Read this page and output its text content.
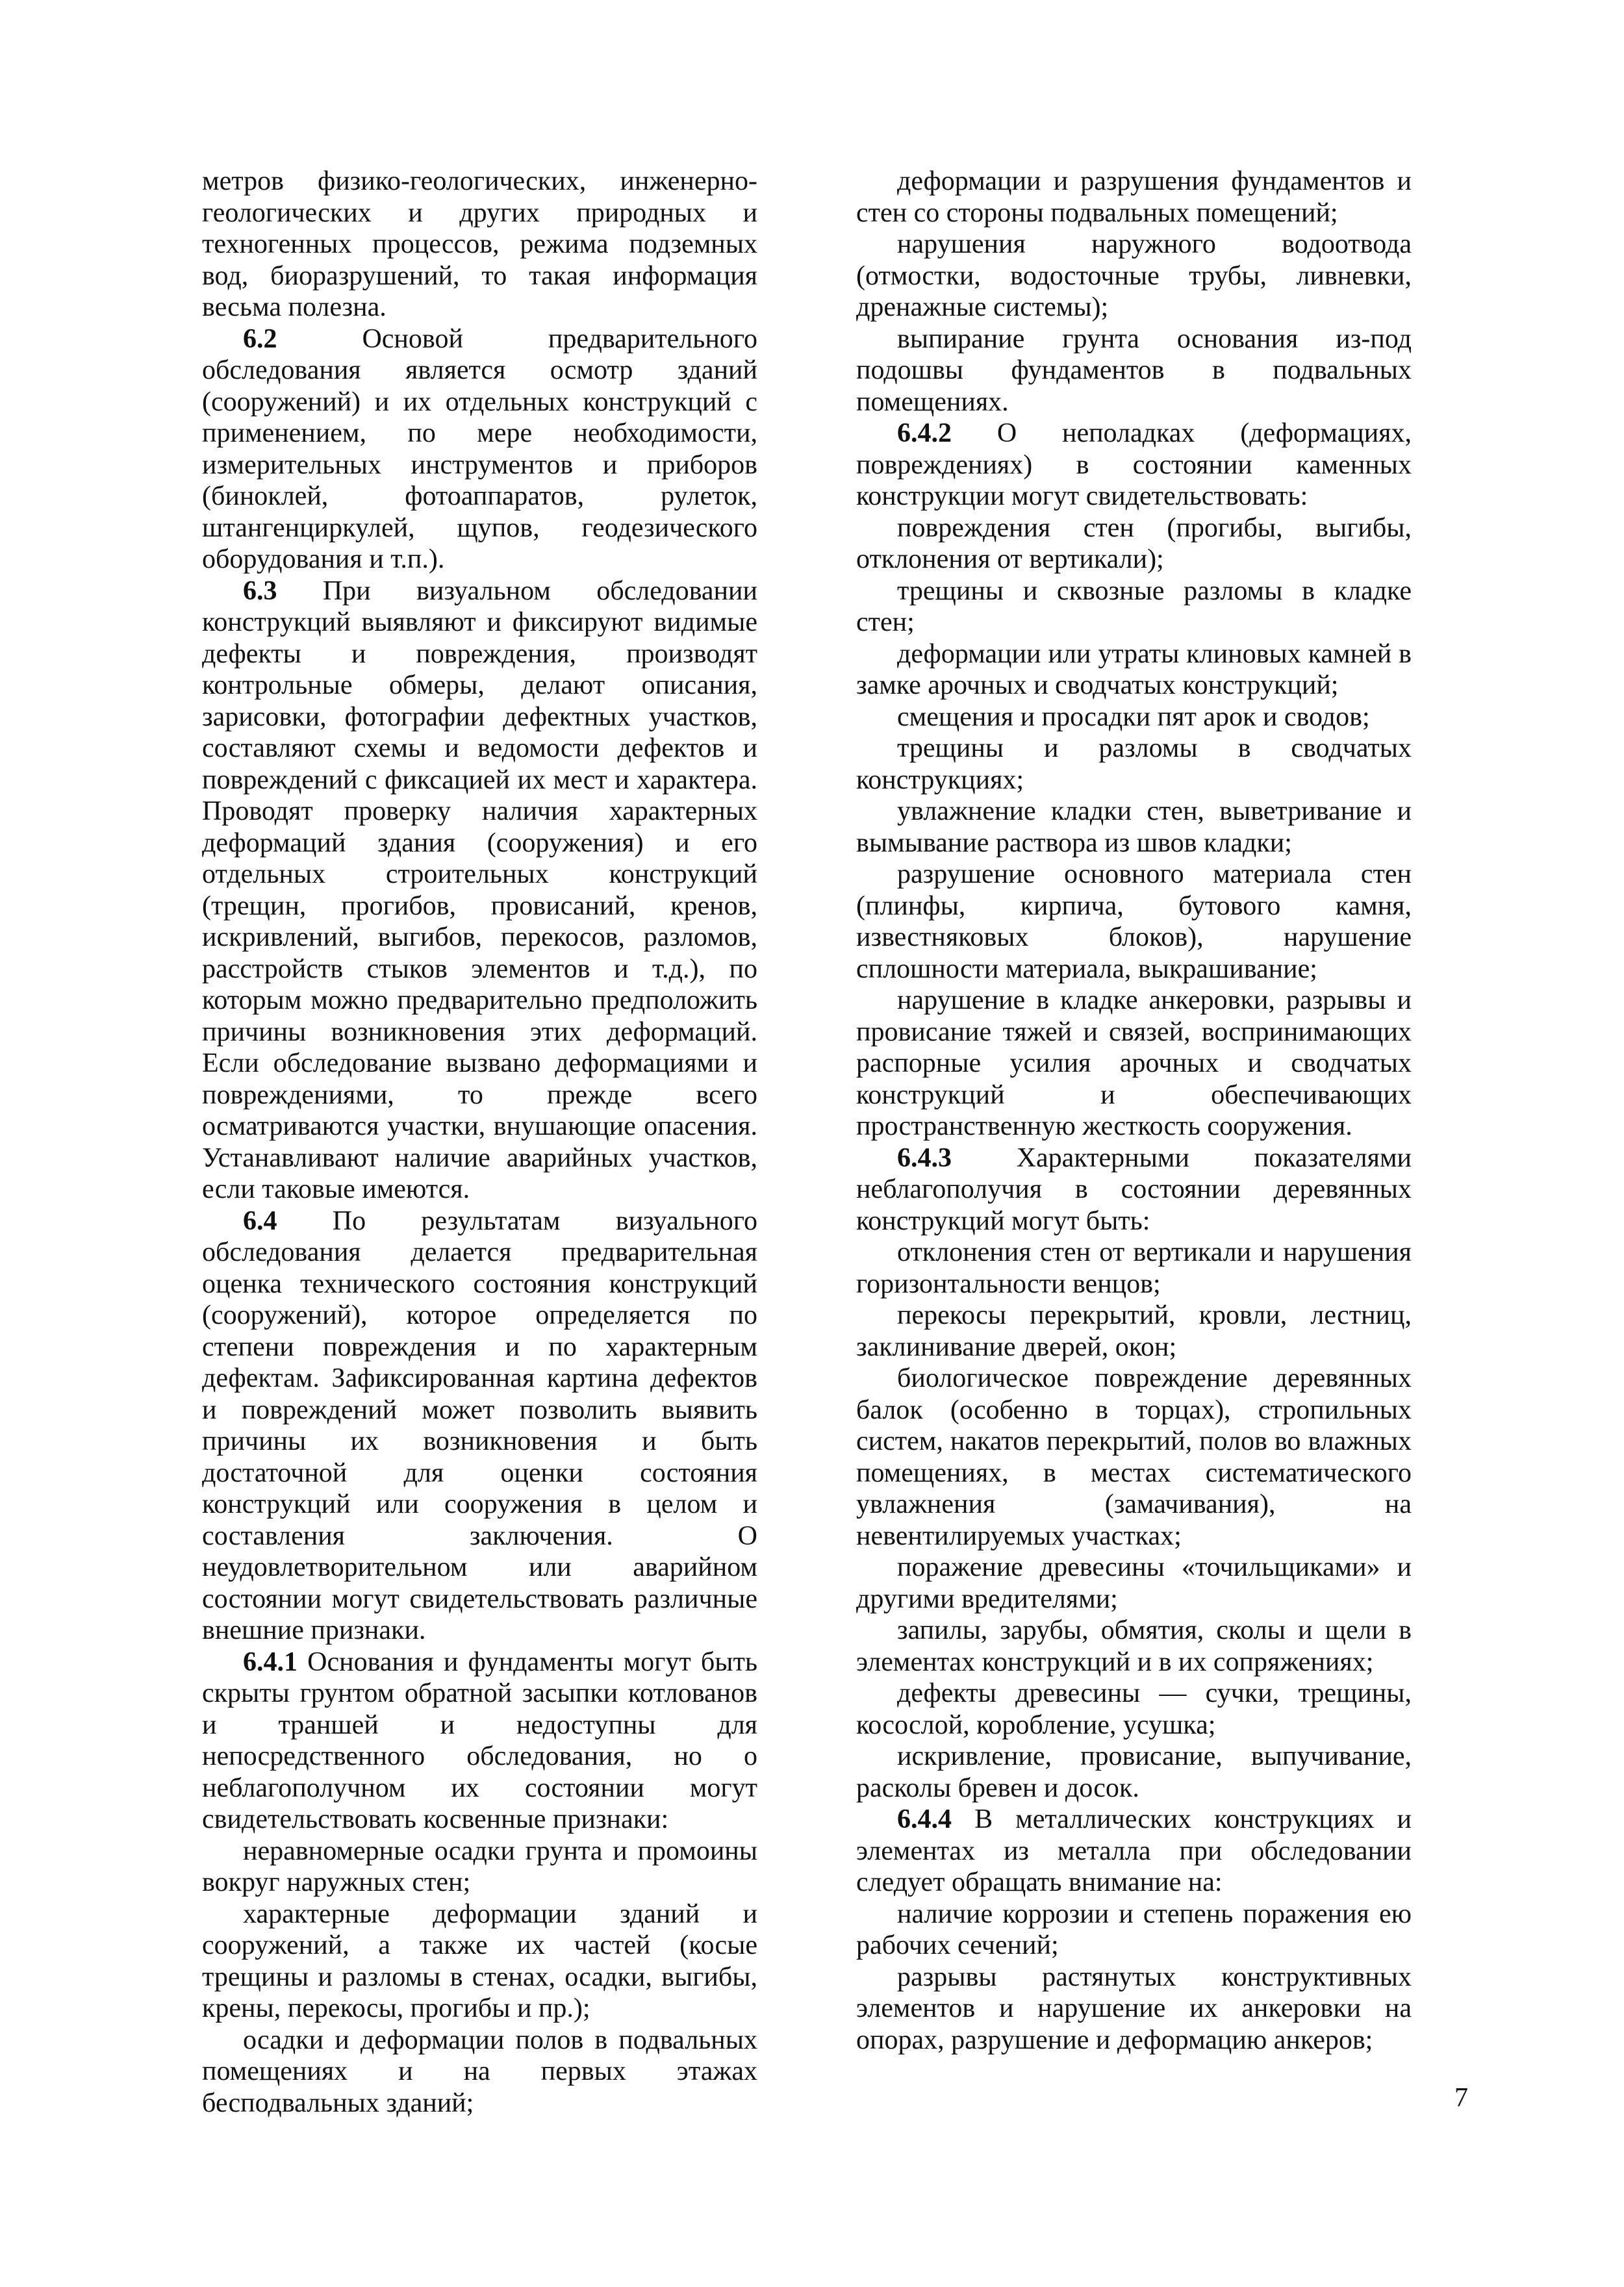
метров физико-геологических, инженерно-геологических и других природных и техногенных процессов, режима подземных вод, биоразрушений, то такая информация весьма полезна.

6.2 Основой предварительного обследования является осмотр зданий (сооружений) и их отдельных конструкций с применением, по мере необходимости, измерительных инструментов и приборов (биноклей, фотоаппаратов, рулеток, штангенциркулей, щупов, геодезического оборудования и т.п.).

6.3 При визуальном обследовании конструкций выявляют и фиксируют видимые дефекты и повреждения, производят контрольные обмеры, делают описания, зарисовки, фотографии дефектных участков, составляют схемы и ведомости дефектов и повреждений с фиксацией их мест и характера. Проводят проверку наличия характерных деформаций здания (сооружения) и его отдельных строительных конструкций (трещин, прогибов, провисаний, кренов, искривлений, выгибов, перекосов, разломов, расстройств стыков элементов и т.д.), по которым можно предварительно предположить причины возникновения этих деформаций. Если обследование вызвано деформациями и повреждениями, то прежде всего осматриваются участки, внушающие опасения. Устанавливают наличие аварийных участков, если таковые имеются.

6.4 По результатам визуального обследования делается предварительная оценка технического состояния конструкций (сооружений), которое определяется по степени повреждения и по характерным дефектам. Зафиксированная картина дефектов и повреждений может позволить выявить причины их возникновения и быть достаточной для оценки состояния конструкций или сооружения в целом и составления заключения. О неудовлетворительном или аварийном состоянии могут свидетельствовать различные внешние признаки.

6.4.1 Основания и фундаменты могут быть скрыты грунтом обратной засыпки котлованов и траншей и недоступны для непосредственного обследования, но о неблагополучном их состоянии могут свидетельствовать косвенные признаки:

неравномерные осадки грунта и промоины вокруг наружных стен;

характерные деформации зданий и сооружений, а также их частей (косые трещины и разломы в стенах, осадки, выгибы, крены, перекосы, прогибы и пр.);

осадки и деформации полов в подвальных помещениях и на первых этажах бесподвальных зданий;

деформации и разрушения фундаментов и стен со стороны подвальных помещений;

нарушения наружного водоотвода (отмостки, водосточные трубы, ливневки, дренажные системы);

выпирание грунта основания из-под подошвы фундаментов в подвальных помещениях.

6.4.2 О неполадках (деформациях, повреждениях) в состоянии каменных конструкции могут свидетельствовать:

повреждения стен (прогибы, выгибы, отклонения от вертикали);

трещины и сквозные разломы в кладке стен;

деформации или утраты клиновых камней в замке арочных и сводчатых конструкций;

смещения и просадки пят арок и сводов;

трещины и разломы в сводчатых конструкциях;

увлажнение кладки стен, выветривание и вымывание раствора из швов кладки;

разрушение основного материала стен (плинфы, кирпича, бутового камня, известняковых блоков), нарушение сплошности материала, выкрашивание;

нарушение в кладке анкеровки, разрывы и провисание тяжей и связей, воспринимающих распорные усилия арочных и сводчатых конструкций и обеспечивающих пространственную жесткость сооружения.

6.4.3 Характерными показателями неблагополучия в состоянии деревянных конструкций могут быть:

отклонения стен от вертикали и нарушения горизонтальности венцов;

перекосы перекрытий, кровли, лестниц, заклинивание дверей, окон;

биологическое повреждение деревянных балок (особенно в торцах), стропильных систем, накатов перекрытий, полов во влажных помещениях, в местах систематического увлажнения (замачивания), на невентилируемых участках;

поражение древесины «точильщиками» и другими вредителями;

запилы, зарубы, обмятия, сколы и щели в элементах конструкций и в их сопряжениях;

дефекты древесины — сучки, трещины, косослой, коробление, усушка;

искривление, провисание, выпучивание, расколы бревен и досок.

6.4.4 В металлических конструкциях и элементах из металла при обследовании следует обращать внимание на:

наличие коррозии и степень поражения ею рабочих сечений;

разрывы растянутых конструктивных элементов и нарушение их анкеровки на опорах, разрушение и деформацию анкеров;

7
